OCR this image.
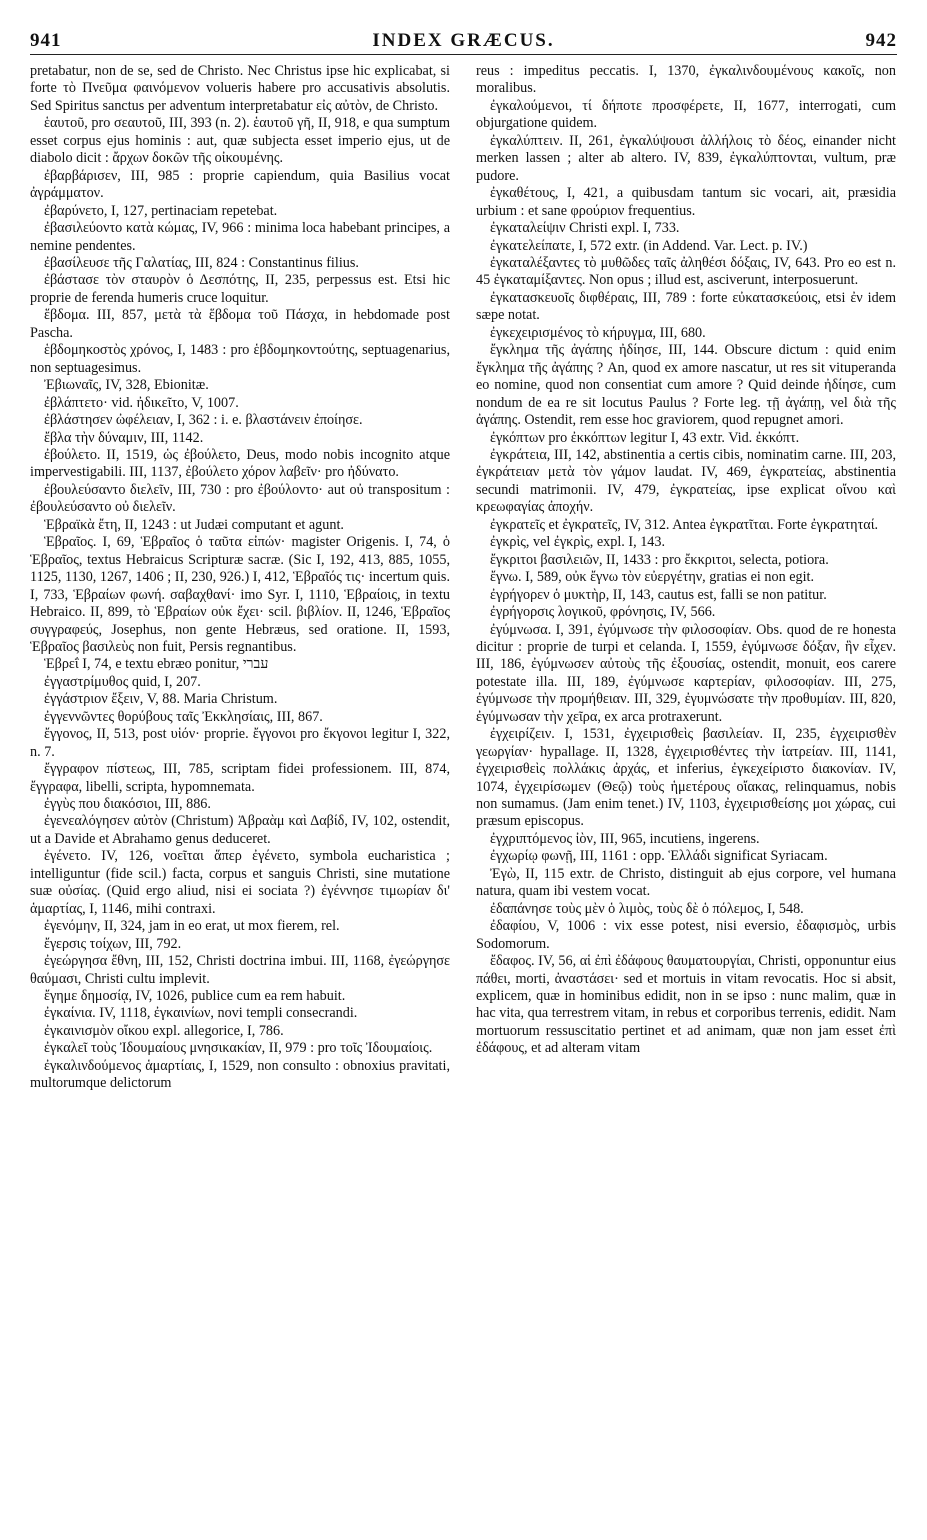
941	INDEX GRÆCUS.	942

pretabatur, non de se, sed de Christo. Nec Christus ipse hic explicabat, si forte τὸ Πνεῦμα φαινόμενον volueris habere pro accusativis absolutis. Sed Spiritus sanctus per adventum interpretabatur εἰς αὐτὸν, de Christo.

ἑαυτοῦ, pro σεαυτοῦ, III, 393 (n. 2). ἑαυτοῦ γῆ, II, 918, e qua sumptum esset corpus ejus hominis : aut, quæ subjecta esset imperio ejus, ut de diabolo dicit : ἄρχων δοκῶν τῆς οἰκουμένης.

ἐβαρβάρισεν, III, 985 : proprie capiendum, quia Basilius vocat ἀγράμματον.

ἐβαρύνετο, I, 127, pertinaciam repetebat.

ἐβασιλεύοντο κατὰ κώμας, IV, 966 : minima loca habebant principes, a nemine pendentes.

ἐβασίλευσε τῆς Γαλατίας, III, 824 : Constantinus filius.

ἐβάστασε τὸν σταυρὸν ὁ Δεσπότης, II, 235, perpessus est. Etsi hic proprie de ferenda humeris cruce loquitur.

ἕβδομα. III, 857, μετὰ τὰ ἕβδομα τοῦ Πάσχα, in hebdomade post Pascha.

ἑβδομηκοστὸς χρόνος, I, 1483 : pro ἑβδομηκοντούτης, septuagenarius, non septuagesimus.

Ἐβιωναῖς, IV, 328, Ebionitæ.

ἐβλάπτετο· vid. ἠδικεῖτο, V, 1007.

ἐβλάστησεν ὠφέλειαν, I, 362 : i. e. βλαστάνειν ἐποίησε.

ἔβλα τὴν δύναμιν, III, 1142.

ἐβούλετο. II, 1519, ὡς ἐβούλετο, Deus, modo nobis incognito atque impervestigabili. III, 1137, ἐβούλετο χόρον λαβεῖν· pro ἠδύνατο.

ἐβουλεύσαντο διελεῖν, III, 730 : pro ἐβούλοντο· aut οὐ transpositum : ἐβουλεύσαντο οὐ διελεῖν.

Ἑβραϊκὰ ἔτη, II, 1243 : ut Judæi computant et agunt.

Ἑβραῖος. I, 69, Ἑβραῖος ὁ ταῦτα εἰπών· magister Origenis. I, 74, ὁ Ἑβραῖος, textus Hebraicus Scripturæ sacræ. (Sic I, 192, 413, 885, 1055, 1125, 1130, 1267, 1406 ; II, 230, 926.) I, 412, Ἑβραῖός τις· incertum quis. I, 733, Ἑβραίων φωνή. σαβαχθανί· imo Syr. I, 1110, Ἑβραίοις, in textu Hebraico. II, 899, τὸ Ἑβραίων οὐκ ἔχει· scil. βιβλίον. II, 1246, Ἑβραῖος συγγραφεύς, Josephus, non gente Hebræus, sed oratione. II, 1593, Ἑβραῖος βασιλεὺς non fuit, Persis regnantibus.

Ἑβρεΐ I, 74, e textu ebræo ponitur, עברי

ἐγγαστρίμυθος quid, I, 207.

ἐγγάστριον ἔξειν, V, 88. Maria Christum.

ἐγγεννῶντες θορύβους ταῖς Ἐκκλησίαις, III, 867.

ἔγγονος, II, 513, post υἱόν· proprie. ἔγγονοι pro ἔκγονοι legitur I, 322, n. 7.

ἔγγραφον πίστεως, III, 785, scriptam fidei professionem. III, 874, ἔγγραφα, libelli, scripta, hypomnemata.

ἐγγὺς που διακόσιοι, III, 886.

ἐγενεαλόγησεν αὐτὸν (Christum) Ἀβραὰμ καὶ Δαβίδ, IV, 102, ostendit, ut a Davide et Abrahamo genus deduceret.

ἐγένετο. IV, 126, νοεῖται ἅπερ ἐγένετο, symbola eucharistica ; intelliguntur (fide scil.) facta, corpus et sanguis Christi, sine mutatione suæ οὐσίας. (Quid ergo aliud, nisi ei sociata ?) ἐγέννησε τιμωρίαν δι' ἁμαρτίας, I, 1146, mihi contraxi.

ἐγενόμην, II, 324, jam in eo erat, ut mox fierem, rel.

ἔγερσις τοίχων, III, 792.

ἐγεώργησα ἔθνη, III, 152, Christi doctrina imbui. III, 1168, ἐγεώργησε θαύμασι, Christi cultu implevit.

ἔγημε δημοσίᾳ, IV, 1026, publice cum ea rem habuit.

ἐγκαίνια. IV, 1118, ἐγκαινίων, novi templi consecrandi.

ἐγκαινισμὸν οἴκου expl. allegorice, I, 786.

ἐγκαλεῖ τοὺς Ἰδουμαίους μνησικακίαν, II, 979 : pro τοῖς Ἰδουμαίοις.

ἐγκαλινδούμενος ἁμαρτίαις, I, 1529, non consulto : obnoxius pravitati, multorumque delictorum

reus : impeditus peccatis. I, 1370, ἐγκαλινδουμένους κακοῖς, non moralibus.

ἐγκαλούμενοι, τί δήποτε προσφέρετε, II, 1677, interrogati, cum objurgatione quidem.

ἐγκαλύπτειν. II, 261, ἐγκαλύψουσι ἀλλήλοις τὸ δέος, einander nicht merken lassen ; alter ab altero. IV, 839, ἐγκαλύπτονται, vultum, præ pudore.

ἐγκαθέτους, I, 421, a quibusdam tantum sic vocari, ait, præsidia urbium : et sane φρούριον frequentius.

ἐγκαταλείψιν Christi expl. I, 733.

ἐγκατελείπατε, I, 572 extr. (in Addend. Var. Lect. p. IV.)

ἐγκαταλέξαντες τὸ μυθῶδες ταῖς ἀληθέσι δόξαις, IV, 643. Pro eo est n. 45 ἐγκαταμίξαντες. Non opus ; illud est, asciverunt, interposuerunt.

ἐγκατασκευοῖς διφθέραις, III, 789 : forte εὐκατασκεύοις, etsi ἐν idem sæpe notat.

ἐγκεχειρισμένος τὸ κήρυγμα, III, 680.

ἔγκλημα τῆς ἀγάπης ἠδίησε, III, 144. Obscure dictum : quid enim ἔγκλημα τῆς ἀγάπης ? An, quod ex amore nascatur, ut res sit vituperanda eo nomine, quod non consentiat cum amore ? Quid deinde ἠδίησε, cum nondum de ea re sit locutus Paulus ? Forte leg. τῇ ἀγάπῃ, vel διὰ τῆς ἀγάπης. Ostendit, rem esse hoc graviorem, quod repugnet amori.

ἐγκόπτων pro ἐκκόπτων legitur I, 43 extr. Vid. ἐκκόπτ.

ἐγκράτεια, III, 142, abstinentia a certis cibis, nominatim carne. III, 203, ἐγκράτειαν μετὰ τὸν γάμον laudat. IV, 469, ἐγκρατείας, abstinentia secundi matrimonii. IV, 479, ἐγκρατείας, ipse explicat οἴνου καὶ κρεωφαγίας ἀποχήν.

ἐγκρατεῖς et ἐγκρατεῖς, IV, 312. Antea ἐγκρατῖται. Forte ἐγκρατηταί.

ἐγκρὶς, vel ἐγκρὶς, expl. I, 143.

ἔγκριτοι βασιλειῶν, II, 1433 : pro ἔκκριτοι, selecta, potiora.

ἔγνω. I, 589, οὐκ ἔγνω τὸν εὐεργέτην, gratias ei non egit.

ἐγρήγορεν ὁ μυκτὴρ, II, 143, cautus est, falli se non patitur.

ἐγρήγορσις λογικοῦ, φρόνησις, IV, 566.

ἐγύμνωσα. I, 391, ἐγύμνωσε τὴν φιλοσοφίαν. Obs. quod de re honesta dicitur : proprie de turpi et celanda. I, 1559, ἐγύμνωσε δόξαν, ἣν εἶχεν. III, 186, ἐγύμνωσεν αὐτοὺς τῆς ἐξουσίας, ostendit, monuit, eos carere potestate illa. III, 189, ἐγύμνωσε καρτερίαν, φιλοσοφίαν. III, 275, ἐγύμνωσε τὴν προμήθειαν. III, 329, ἐγυμνώσατε τὴν προθυμίαν. III, 820, ἐγύμνωσαν τὴν χεῖρα, ex arca protraxerunt.

ἐγχειρίζειν. I, 1531, ἐγχειρισθεὶς βασιλείαν. II, 235, ἐγχειρισθὲν γεωργίαν· hypallage. II, 1328, ἐγχειρισθέντες τὴν ἰατρείαν. III, 1141, ἐγχειρισθεὶς πολλάκις ἀρχάς, et inferius, ἐγκεχείριστο διακονίαν. IV, 1074, ἐγχειρίσωμεν (Θεῷ) τοὺς ἡμετέρους οἴακας, relinquamus, nobis non sumamus. (Jam enim tenet.) IV, 1103, ἐγχειρισθείσης μοι χώρας, cui præsum episcopus.

ἐγχριπτόμενος ἰὸν, III, 965, incutiens, ingerens.

ἐγχωρίῳ φωνῇ, III, 1161 : opp. Ἑλλάδι significat Syriacam.

Ἐγὼ, II, 115 extr. de Christo, distinguit ab ejus corpore, vel humana natura, quam ibi vestem vocat.

ἐδαπάνησε τοὺς μὲν ὁ λιμὸς, τοὺς δὲ ὁ πόλεμος, I, 548.

ἐδαφίου, V, 1006 : vix esse potest, nisi eversio, ἐδαφισμὸς, urbis Sodomorum.

ἔδαφος. IV, 56, αἱ ἐπὶ ἐδάφους θαυματουργίαι, Christi, opponuntur eius πάθει, morti, ἀναστάσει· sed et mortuis in vitam revocatis. Hoc si absit, explicem, quæ in hominibus edidit, non in se ipso : nunc malim, quæ in hac vita, qua terrestrem vitam, in rebus et corporibus terrenis, edidit. Nam mortuorum ressuscitatio pertinet et ad animam, quæ non jam esset ἐπὶ ἐδάφους, et ad alteram vitam
